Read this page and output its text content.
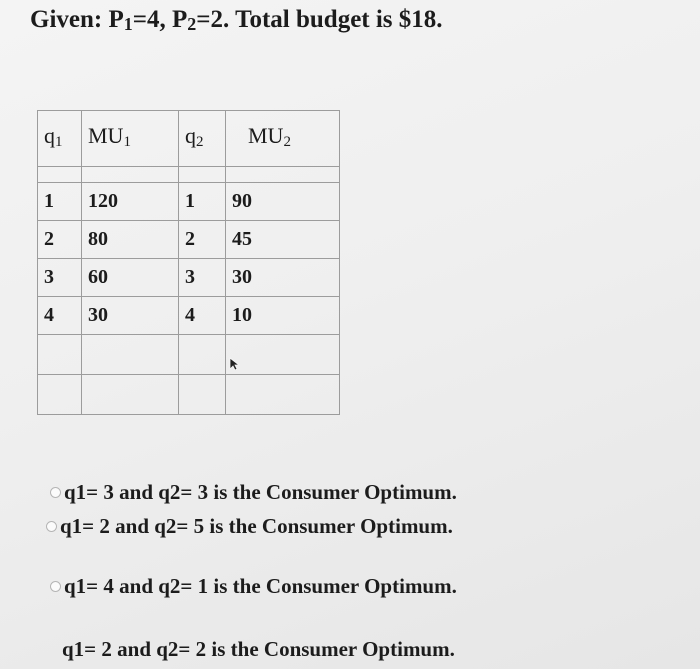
Given: $P_1=4$, $P_2=2$. Total budget is $18.
$q_1$	$MU_1$	$q_2$	$MU_2$

1	120	1	90
2	80	2	45
3	60	3	30
4	30	4	10

q1= 3 and q2= 3 is the Consumer Optimum.
q1= 2 and q2= 5 is the Consumer Optimum.
q1= 4 and q2= 1 is the Consumer Optimum.
q1= 2 and q2= 2 is the Consumer Optimum.
